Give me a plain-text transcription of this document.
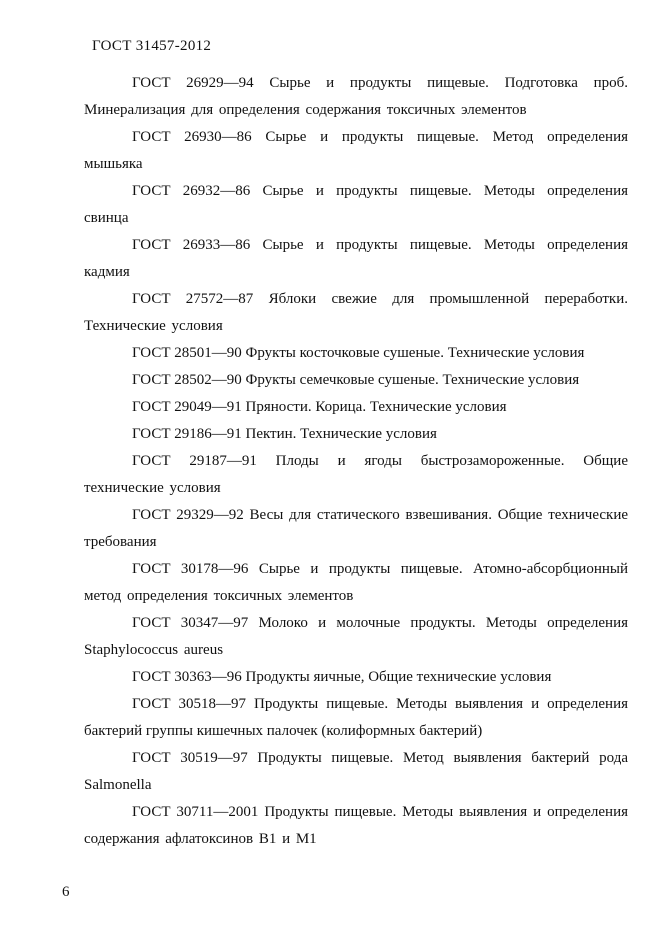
ГОСТ 31457-2012

ГОСТ 26929—94 Сырье и продукты пищевые. Подготовка проб. Минерализация для определения содержания токсичных элементов

ГОСТ 26930—86 Сырье и продукты пищевые. Метод определения мышьяка

ГОСТ 26932—86 Сырье и продукты пищевые. Методы определения свинца

ГОСТ 26933—86 Сырье и продукты пищевые. Методы определения кадмия

ГОСТ 27572—87 Яблоки свежие для промышленной переработки. Технические условия

ГОСТ 28501—90 Фрукты косточковые сушеные. Технические условия

ГОСТ 28502—90 Фрукты семечковые сушеные. Технические условия

ГОСТ 29049—91 Пряности. Корица. Технические условия

ГОСТ 29186—91 Пектин. Технические условия

ГОСТ 29187—91 Плоды и ягоды быстрозамороженные. Общие технические условия

ГОСТ 29329—92 Весы для статического взвешивания. Общие технические требования

ГОСТ 30178—96 Сырье и продукты пищевые. Атомно-абсорбционный метод определения токсичных элементов

ГОСТ 30347—97 Молоко и молочные продукты. Методы определения Staphylococcus aureus

ГОСТ 30363—96 Продукты яичные, Общие технические условия

ГОСТ 30518—97 Продукты пищевые. Методы выявления и определения бактерий группы кишечных палочек (колиформных бактерий)

ГОСТ 30519—97 Продукты пищевые. Метод выявления бактерий рода Salmonella

ГОСТ 30711—2001 Продукты пищевые. Методы выявления и определения содержания афлатоксинов В1 и М1

6
